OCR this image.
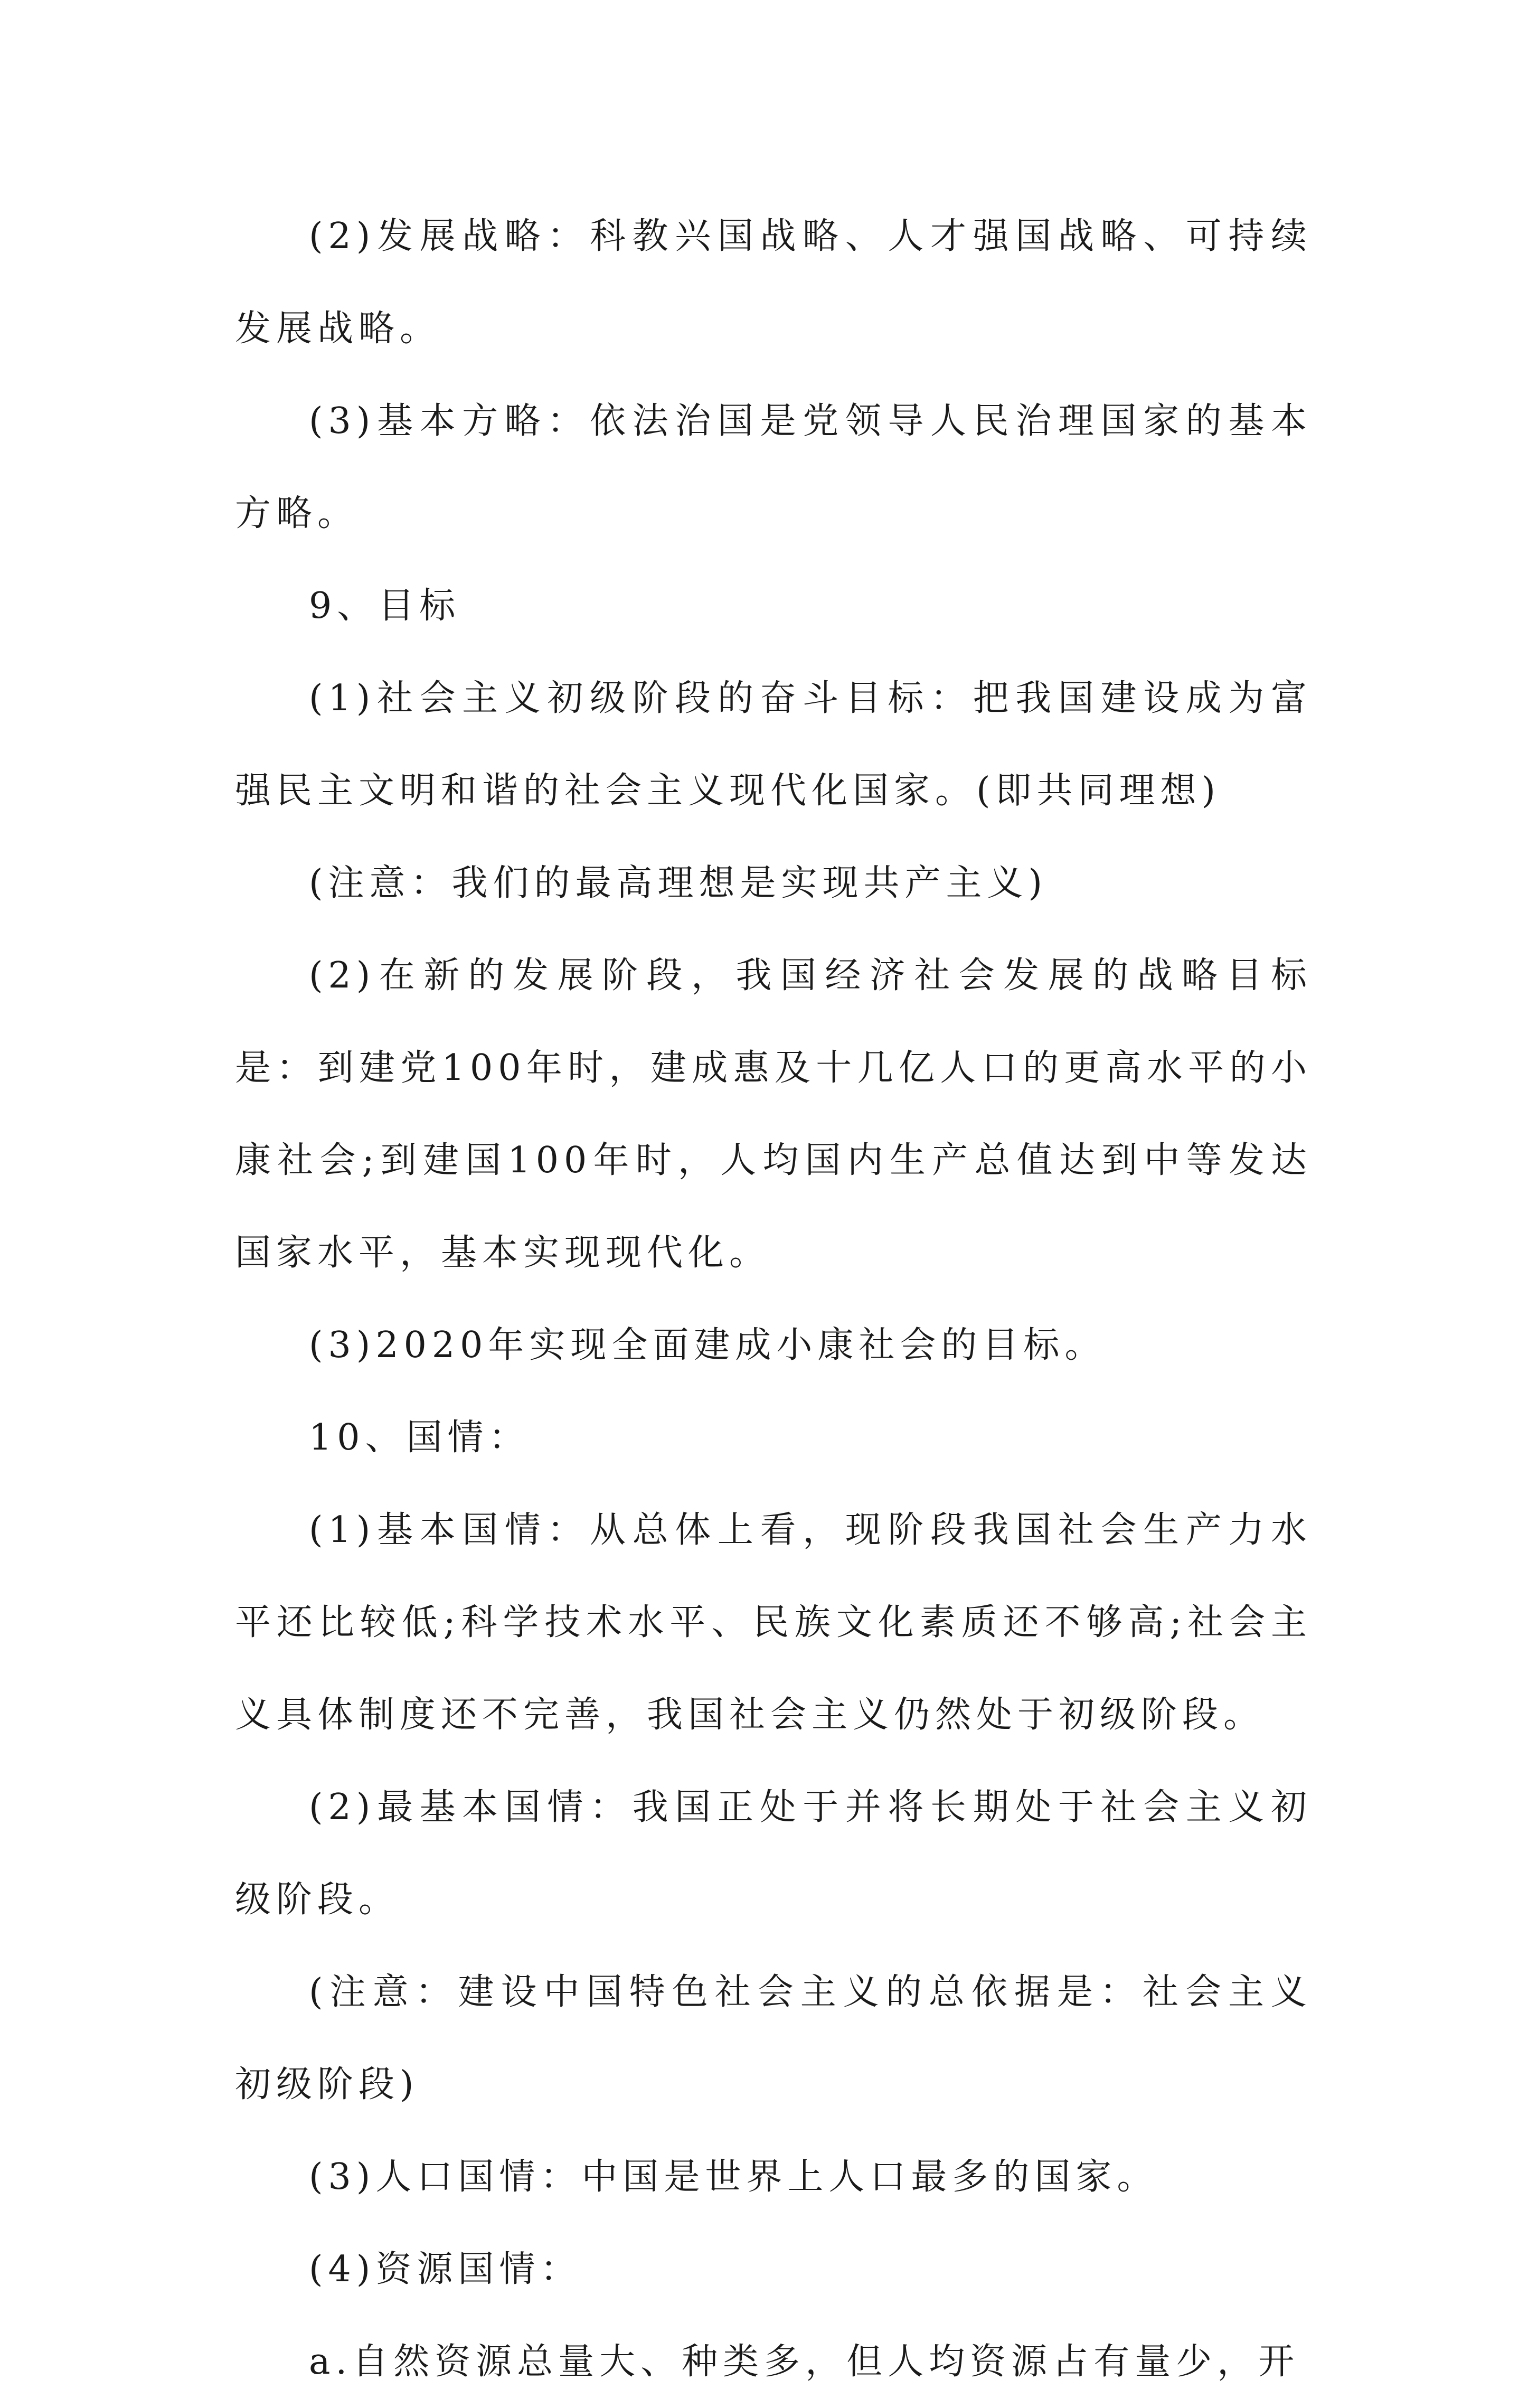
(2)发展战略：科教兴国战略、人才强国战略、可持续发展战略。

(3)基本方略：依法治国是党领导人民治理国家的基本方略。

9、目标

(1)社会主义初级阶段的奋斗目标：把我国建设成为富强民主文明和谐的社会主义现代化国家。(即共同理想)

(注意：我们的最高理想是实现共产主义)

(2)在新的发展阶段，我国经济社会发展的战略目标是：到建党100年时，建成惠及十几亿人口的更高水平的小康社会;到建国100年时，人均国内生产总值达到中等发达国家水平，基本实现现代化。

(3)2020年实现全面建成小康社会的目标。

10、国情：

(1)基本国情：从总体上看，现阶段我国社会生产力水平还比较低;科学技术水平、民族文化素质还不够高;社会主义具体制度还不完善，我国社会主义仍然处于初级阶段。

(2)最基本国情：我国正处于并将长期处于社会主义初级阶段。

(注意：建设中国特色社会主义的总依据是：社会主义初级阶段)

(3)人口国情：中国是世界上人口最多的国家。

(4)资源国情：

a.自然资源总量大、种类多，但人均资源占有量少，开
